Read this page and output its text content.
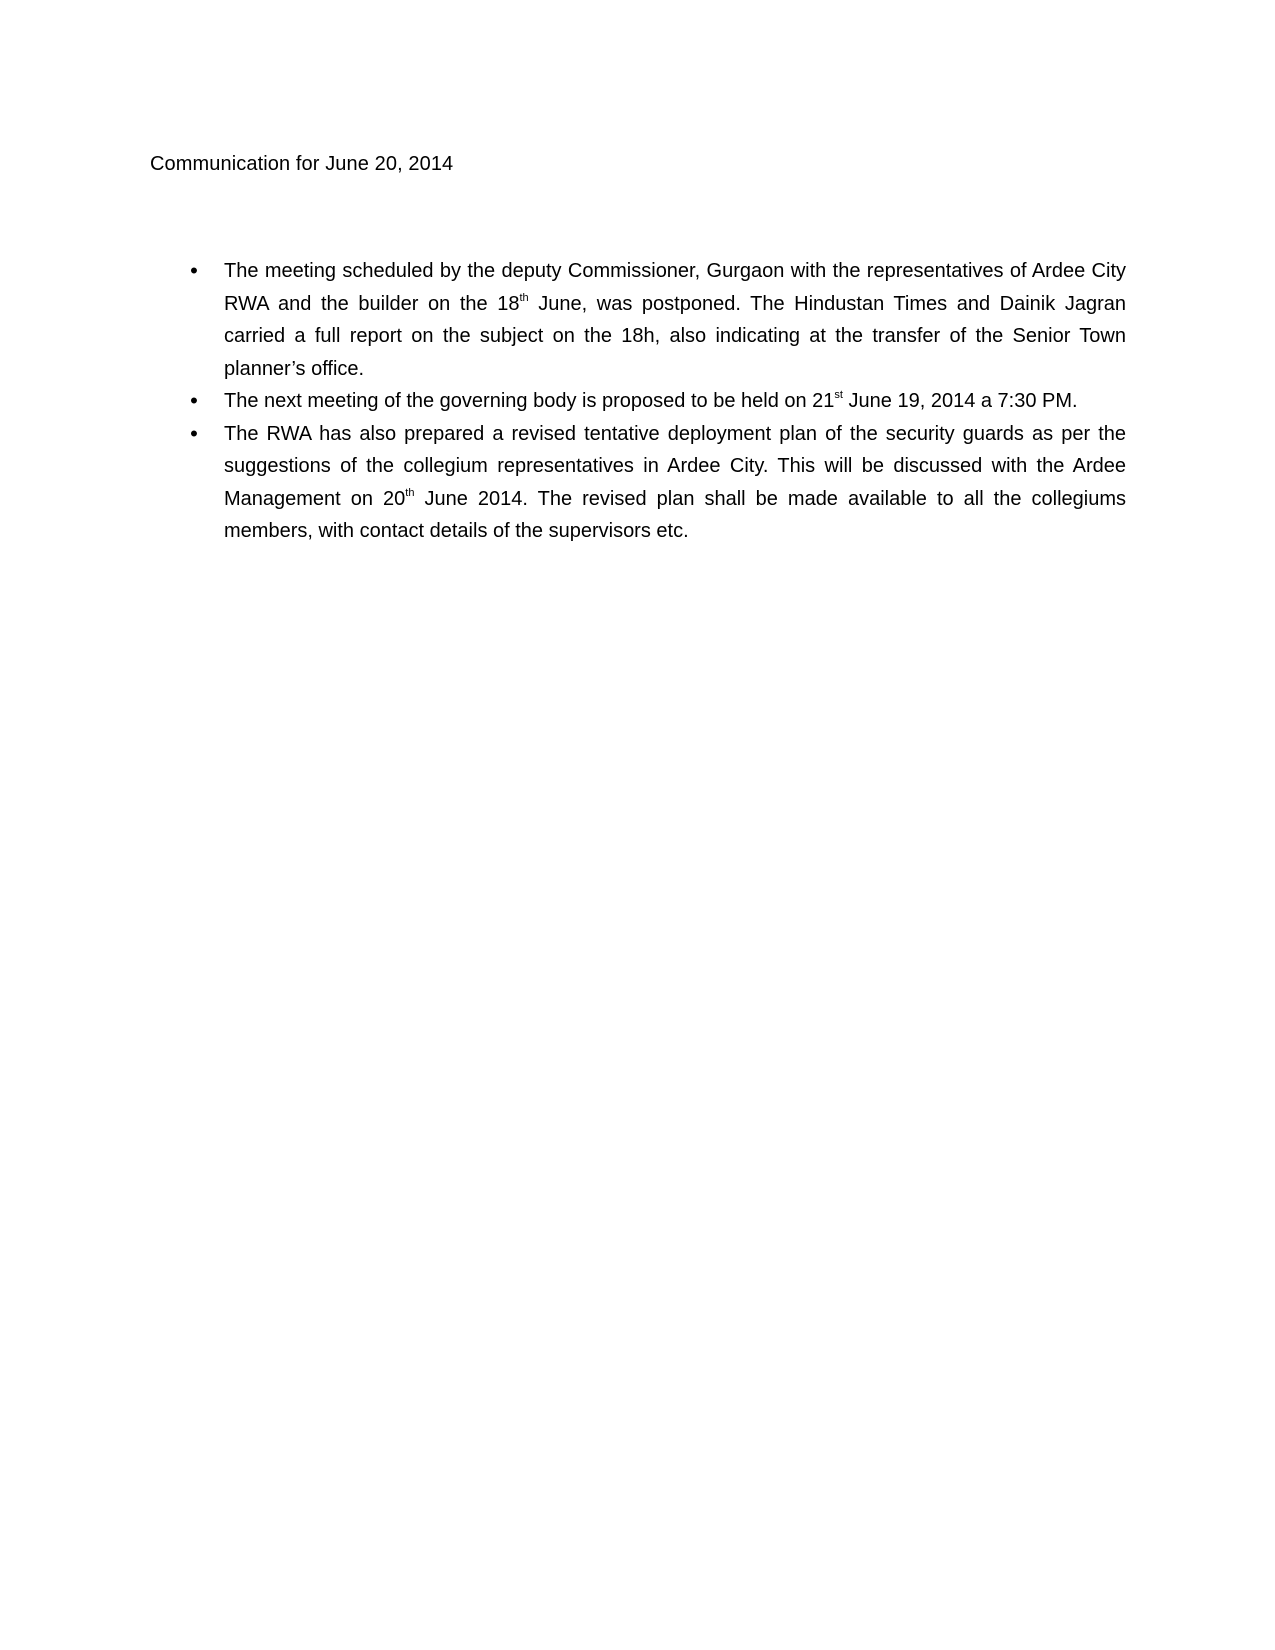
Communication for June 20, 2014

•	The meeting scheduled by the deputy Commissioner, Gurgaon with the representatives of Ardee City RWA and the builder on the 18th June, was postponed. The Hindustan Times and Dainik Jagran carried a full report on the subject on the 18h, also indicating at the transfer of the Senior Town planner’s office.
•	The next meeting of the governing body is proposed to be held on 21st June 19, 2014 a 7:30 PM.
•	The RWA has also prepared a revised tentative deployment plan of the security guards as per the suggestions of the collegium representatives in Ardee City. This will be discussed with the Ardee Management on 20th June 2014. The revised plan shall be made available to all the collegiums members, with contact details of the supervisors etc.
